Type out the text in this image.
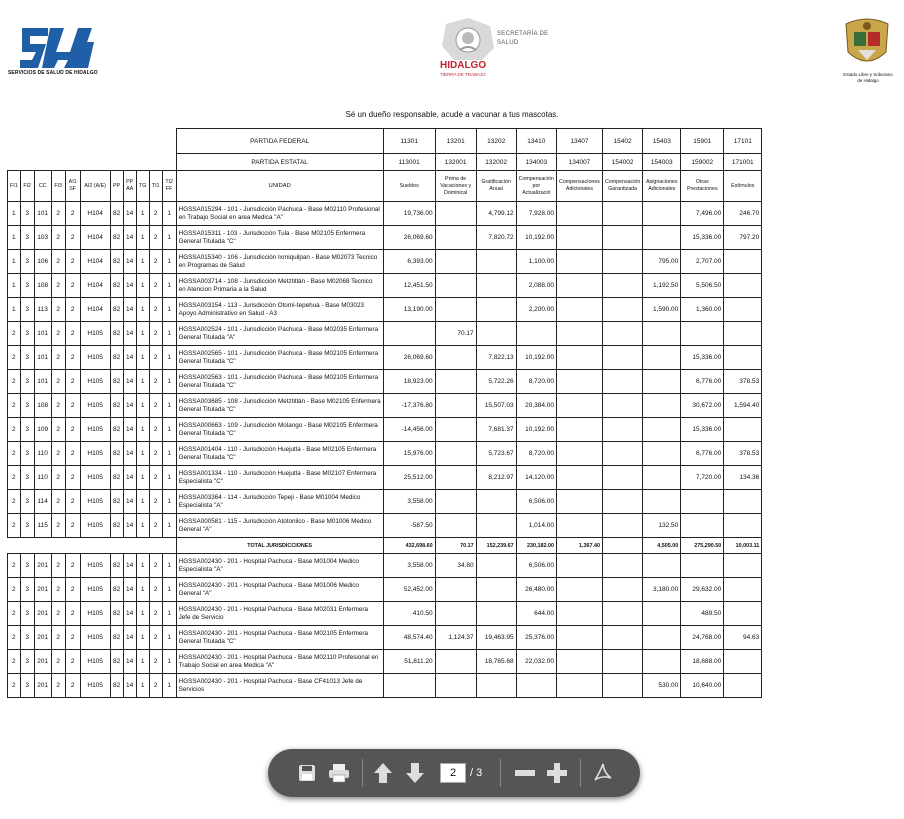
SERVICIOS DE SALUD DE HIDALGO
SECRETARÍA DE
SALUD
HIDALGO
TIERRA DE TRABAJO	Estado Libre y Soberano
de Hidalgo
Sé un dueño responsable, acude a vacunar a tus mascotas.
											PARTIDA FEDERAL	11301	13201	13202	13410	13407	15402	15403	15901	17101
											PARTIDA ESTATAL	113001	132001	132002	134003	134007	154002	154003	159002	171001
FI1	FI2	CC	FI3	AI1 SF	AI2 (A/E)	PP	PP AA	TG	TI1	TI2 FF	UNIDAD	Sueldos	Prima de Vacaciones y Dominical	Gratificación Anual	Compensación por Actualizació	Compensaciones Adicionales	Compensación Garantizada	Asignaciones Adicionales	Otras Prestaciones	Estímulos
1	3	101	2	2	H104	82	14	1	2	1	HGSSA015294 - 101 - Jurisdicción Pachuca - Base M02110 Profesional en Trabajo Social en area Medica "A"	19,736.00		4,799.12	7,928.00				7,496.00	246.70
1	3	103	2	2	H104	82	14	1	2	1	HGSSA015311 - 103 - Jurisdicción Tula - Base M02105 Enfermera General Titulada "C"	26,069.60		7,820.72	10,192.00				15,336.00	797.20
1	3	106	2	2	H104	82	14	1	2	1	HGSSA015340 - 106 - Jurisdicción Ixmiquilpan - Base M02073 Tecnico en Programas de Salud	6,393.00			1,100.00			795.00	2,707.00	
1	3	108	2	2	H104	82	14	1	2	1	HGSSA003714 - 108 - Jurisdicción Metztitlán - Base M02068 Tecnico en Atencion Primaria a la Salud	12,451.50			2,088.00			1,192.50	5,506.50	
1	3	113	2	2	H104	82	14	1	2	1	HGSSA003154 - 113 - Jurisdicción Otomí-tepehua - Base M03023 Apoyo Administrativo en Salud - A3	13,190.00			2,200.00			1,590.00	1,360.00	
2	3	101	2	2	H105	82	14	1	2	1	HGSSA002524 - 101 - Jurisdicción Pachuca - Base M02035 Enfermera General Titulada "A"		70.17							
2	3	101	2	2	H105	82	14	1	2	1	HGSSA002565 - 101 - Jurisdicción Pachuca - Base M02105 Enfermera General Titulada "C"	26,069.60		7,822.13	10,192.00				15,336.00	
2	3	101	2	2	H105	82	14	1	2	1	HGSSA002563 - 101 - Jurisdicción Pachuca - Base M02105 Enfermera General Titulada "C"	18,923.00		5,722.26	8,720.00				6,776.00	378.53
2	3	108	2	2	H105	82	14	1	2	1	HGSSA003685 - 108 - Jurisdicción Metztitlán - Base M02105 Enfermera General Titulada "C"	-17,376.80		15,507.03	20,384.00				30,672.00	1,594.40
2	3	109	2	2	H105	82	14	1	2	1	HGSSA000663 - 109 - Jurisdicción Molango - Base M02105 Enfermera General Titulada "C"	-14,456.00		7,681.37	10,192.00				15,336.00	
2	3	110	2	2	H105	82	14	1	2	1	HGSSA001404 - 110 - Jurisdicción Huejutla - Base M02105 Enfermera General Titulada "C"	15,976.00		5,723.67	8,720.00				6,776.00	378.53
2	3	110	2	2	H105	82	14	1	2	1	HGSSA001334 - 110 - Jurisdicción Huejutla - Base M02107 Enfermera Especialista "C"	25,512.00		8,212.97	14,120.00				7,720.00	134.36
2	3	114	2	2	H105	82	14	1	2	1	HGSSA003364 - 114 - Jurisdicción Tepeji - Base M01004 Medico Especialista "A"	3,558.00			6,506.00					
2	3	115	2	2	H105	82	14	1	2	1	HGSSA000581 - 115 - Jurisdicción Atotonilco - Base M01006 Medico General "A"	-587.50			1,014.00			132.50		
											TOTAL JURISDICCIONES	432,698.60	70.17	152,239.67	230,182.00	1,367.40		4,505.00	275,290.50	10,003.11
2	3	201	2	2	H105	82	14	1	2	1	HGSSA002430 - 201 - Hospital Pachuca - Base M01004 Medico Especialista "A"	3,558.00	34.80		6,506.00					
2	3	201	2	2	H105	82	14	1	2	1	HGSSA002430 - 201 - Hospital Pachuca - Base M01006 Medico General "A"	52,452.00			26,480.00			3,180.00	29,632.00	
2	3	201	2	2	H105	82	14	1	2	1	HGSSA002430 - 201 - Hospital Pachuca - Base M02031 Enfermera Jefe de Servicio	410.50			644.00				489.50	
2	3	201	2	2	H105	82	14	1	2	1	HGSSA002430 - 201 - Hospital Pachuca - Base M02105 Enfermera General Titulada "C"	48,574.40	1,124.37	19,463.95	25,376.00				24,768.00	94.63
2	3	201	2	2	H105	82	14	1	2	1	HGSSA002430 - 201 - Hospital Pachuca - Base M02110 Profesional en Trabajo Social en area Medica "A"	51,811.20		18,765.68	22,032.00				18,688.00	
2	3	201	2	2	H105	82	14	1	2	1	HGSSA002430 - 201 - Hospital Pachuca - Base CF41013 Jefe de Servicios							530.00	10,640.00	
2	/ 3
